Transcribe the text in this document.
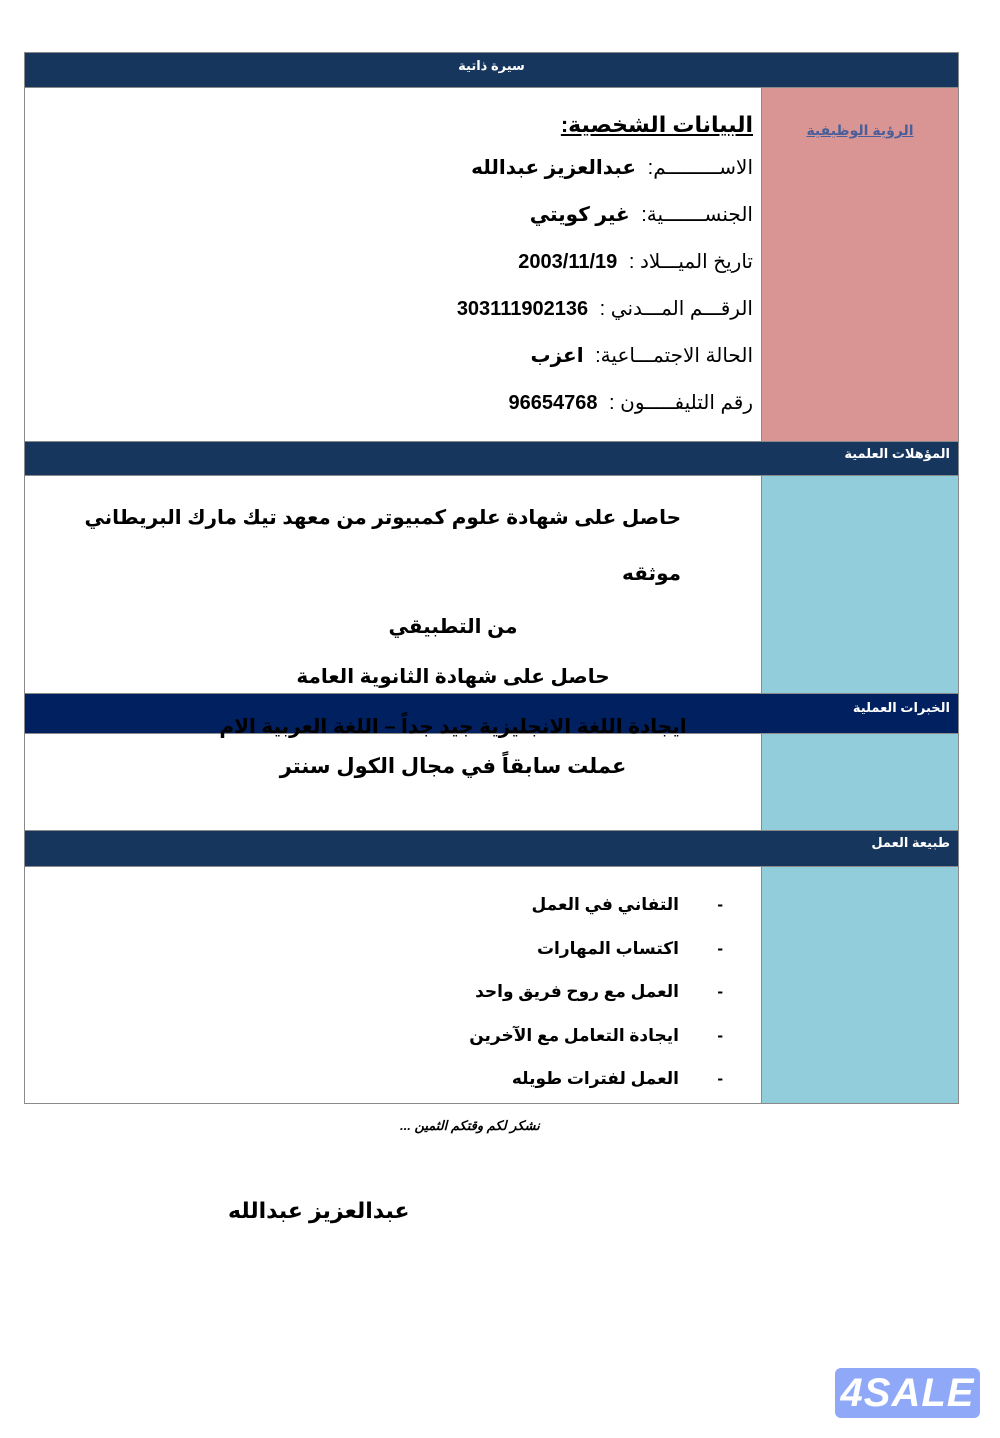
سيرة ذاتية
الرؤية الوظيفية
البيانات الشخصية:
الاســـــــــم: عبدالعزيز عبدالله
الجنســـــــية: غير كويتي
تاريخ الميـــلاد : 2003/11/19
الرقـــم المـــدني : 303111902136
الحالة الاجتمـــاعية: اعزب
رقم التليفـــــون : 96654768
المؤهلات العلمية

حاصل على شهادة علوم كمبيوتر من معهد تيك مارك البريطاني موثقه

من التطبيقي

حاصل على شهادة الثانوية العامة

ايجادة اللغة الانجليزية جيد جداً – اللغة العربية الام

الخبرات العملية
عملت سابقاً في مجال الكول سنتر
طبيعة العمل
-التفاني في العمل
-اكتساب المهارات
-العمل مع روح فريق واحد
-ايجادة التعامل مع الآخرين
-العمل لفترات طويله
نشكر لكم وقتكم الثمين ...
عبدالعزيز عبدالله
4SALE
